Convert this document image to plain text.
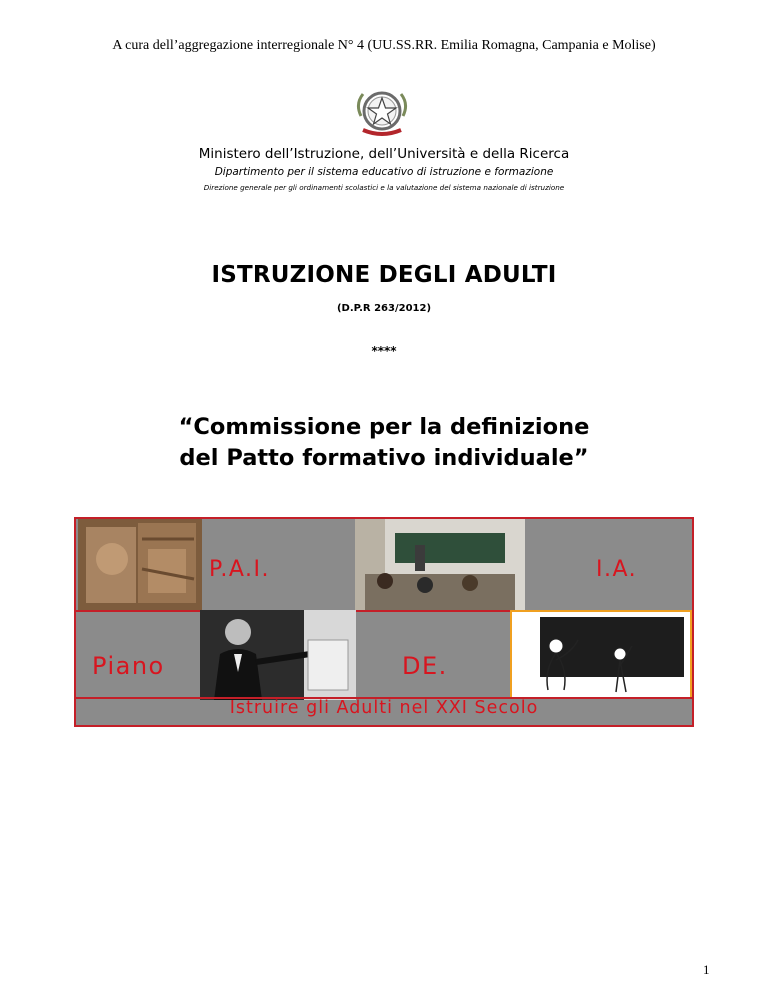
A cura dell’aggregazione interregionale N° 4 (UU.SS.RR. Emilia Romagna, Campania e Molise)
Ministero dell’Istruzione, dell’Università e della Ricerca
Dipartimento per il sistema educativo di istruzione e formazione
Direzione generale per gli ordinamenti scolastici e la valutazione del sistema nazionale di istruzione
ISTRUZIONE DEGLI ADULTI
(D.P.R 263/2012)
****
“Commissione per la definizione
del Patto formativo individuale”
P.A.I.	I.A.
Piano	DE.
Istruire gli Adulti nel XXI Secolo
1
